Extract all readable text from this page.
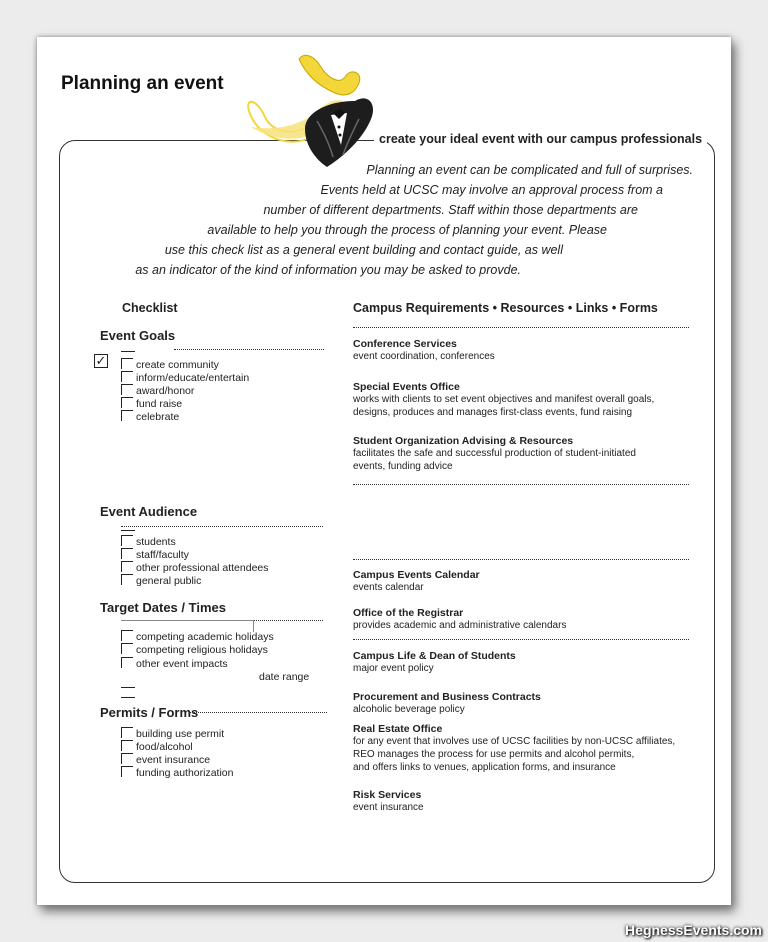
Planning an event
create your ideal event with our campus professionals
Planning an event can be complicated and full of surprises.
Events held at UCSC may involve an approval process from a
number of different departments. Staff within those departments are
available to help you through the process of planning your event. Please
use this check list as a general event building and contact guide, as well
as an indicator of the kind of information you may be asked to provde.
Checklist	Campus Requirements • Resources • Links • Forms
Event Goals
✓	create community
inform/educate/entertain
award/honor
fund raise
celebrate
Event Audience
students
staff/faculty
other professional attendees
general public
Target Dates / Times
competing academic holidays
competing religious holidays
other event impacts
date range
Permits / Forms
building use permit
food/alcohol
event insurance
funding authorization
Conference Services
event coordination, conferences
Special Events Office
works with clients to set event objectives and manifest overall goals,
designs, produces and manages first-class events, fund raising
Student Organization Advising & Resources
facilitates the safe and successful production of student-initiated
events, funding advice
Campus Events Calendar
events calendar
Office of the Registrar
provides academic and administrative calendars
Campus Life & Dean of Students
major event policy
Procurement and Business Contracts
alcoholic beverage policy
Real Estate Office
for any event that involves use of UCSC facilities by non-UCSC affiliates,
REO manages the process for use permits and alcohol permits,
and offers links to venues, application forms, and insurance
Risk Services
event insurance
HegnessEvents.com
